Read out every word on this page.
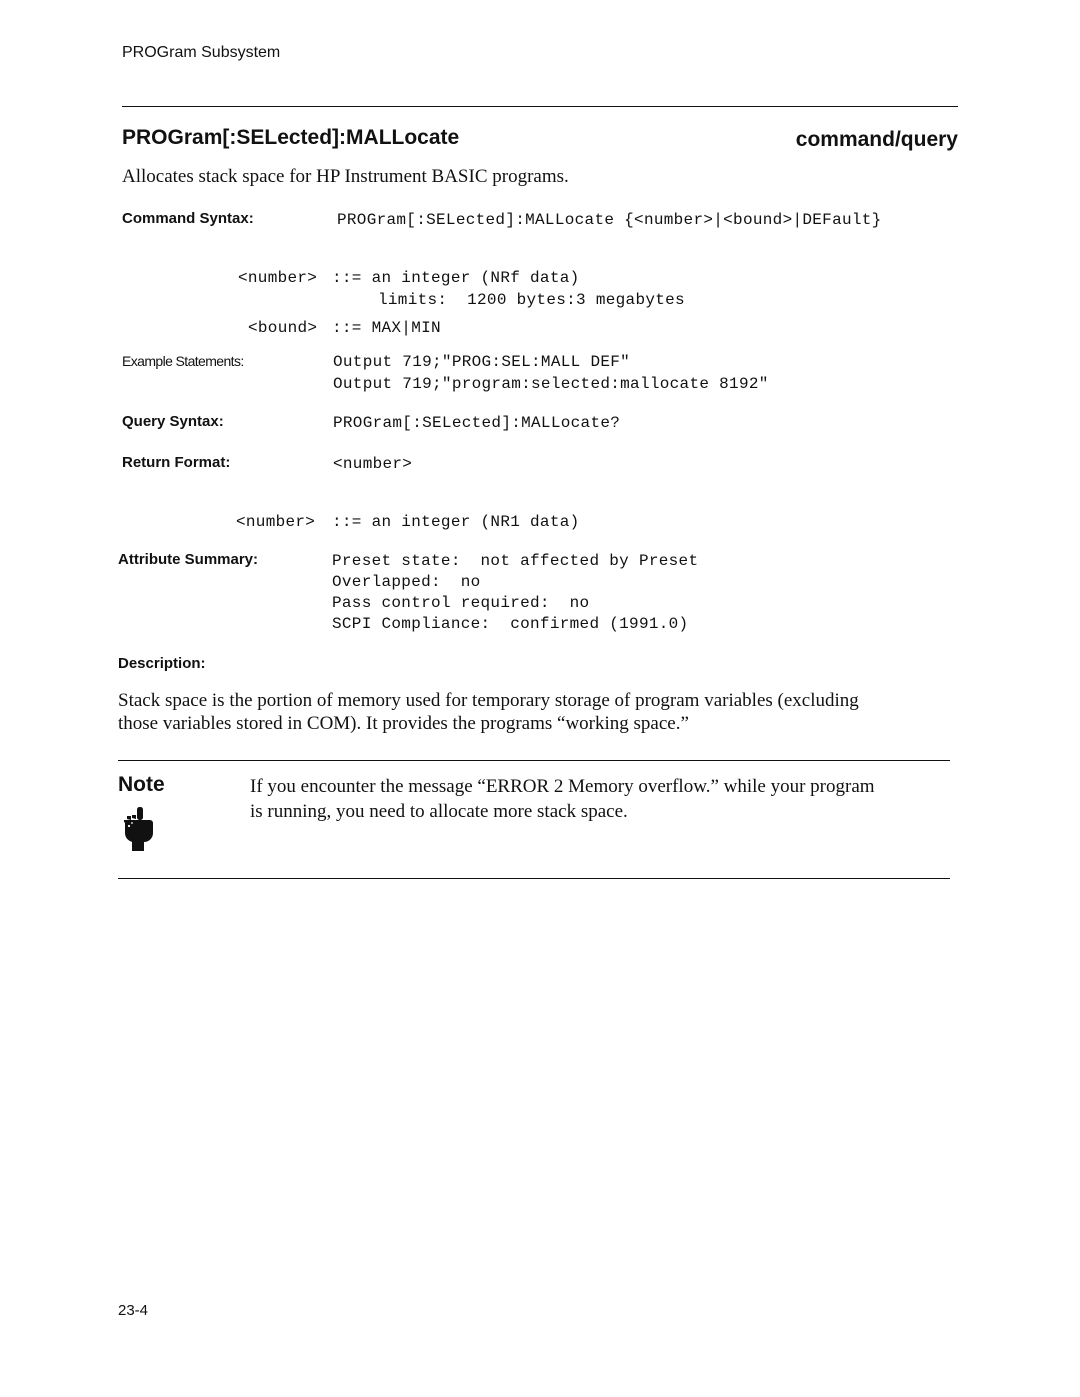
PROGram Subsystem
PROGram[:SELected]:MALLocate	command/query
Allocates stack space for HP Instrument BASIC programs.
Command Syntax:	PROGram[:SELected]:MALLocate {<number>|<bound>|DEFault}
<number> ::= an integer (NRf data)
limits:  1200 bytes:3 megabytes
<bound> ::= MAX|MIN
Example Statements:	Output 719;"PROG:SEL:MALL DEF"
Output 719;"program:selected:mallocate 8192"
Query Syntax:	PROGram[:SELected]:MALLocate?
Return Format:	<number>
<number> ::= an integer (NR1 data)
Attribute Summary:	Preset state:  not affected by Preset
Overlapped:  no
Pass control required:  no
SCPI Compliance:  confirmed (1991.0)
Description:
Stack space is the portion of memory used for temporary storage of program variables (excluding
those variables stored in COM). It provides the programs “working space.”
Note	If you encounter the message “ERROR 2 Memory overflow.” while your program
is running, you need to allocate more stack space.
23-4
